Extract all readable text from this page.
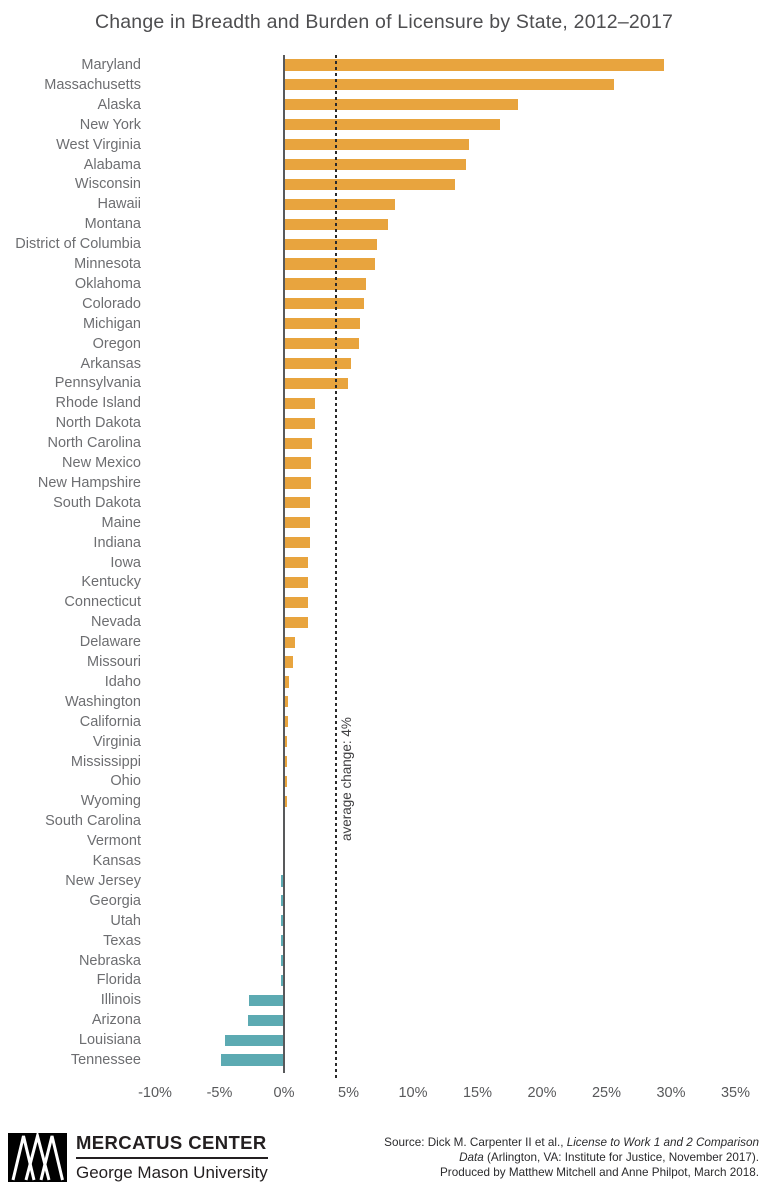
Change in Breadth and Burden of Licensure by State, 2012–2017
Maryland
Massachusetts
Alaska
New York
West Virginia
Alabama
Wisconsin
Hawaii
Montana
District of Columbia
Minnesota
Oklahoma
Colorado
Michigan
Oregon
Arkansas
Pennsylvania
Rhode Island
North Dakota
North Carolina
New Mexico
New Hampshire
South Dakota
Maine
Indiana
Iowa
Kentucky
Connecticut
Nevada
Delaware
Missouri
Idaho
Washington
California
Virginia
Mississippi
Ohio
Wyoming
South Carolina
Vermont
Kansas
New Jersey
Georgia
Utah
Texas
Nebraska
Florida
Illinois
Arizona
Louisiana
Tennessee
average change: 4%
-10%	-5%	0%	5%	10%	15%	20%	25%	30%	35%
MERCATUS CENTER
George Mason University
Source: Dick M. Carpenter II et al., License to Work 1 and 2 Comparison
Data (Arlington, VA: Institute for Justice, November 2017).
Produced by Matthew Mitchell and Anne Philpot, March 2018.
